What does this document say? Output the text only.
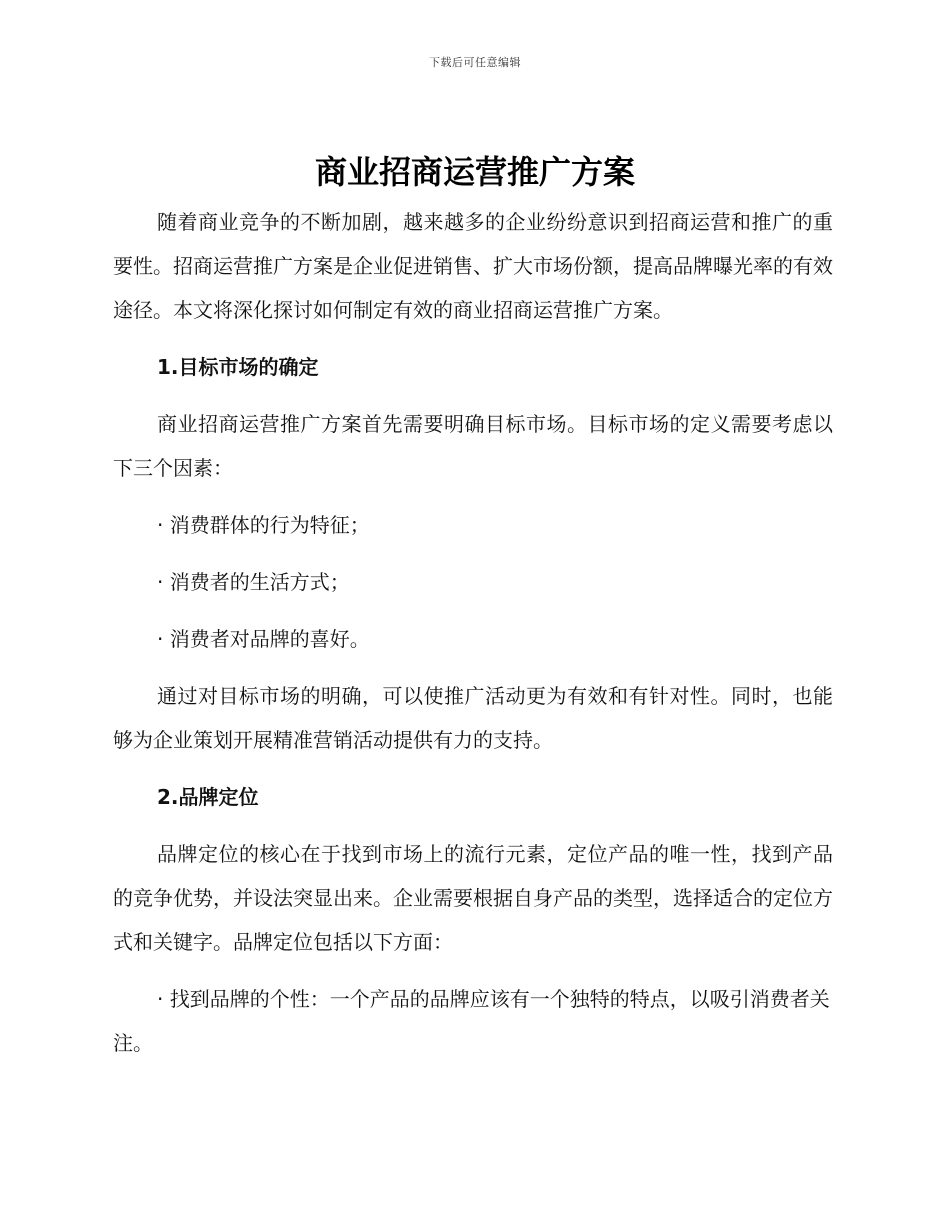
下载后可任意编辑
商业招商运营推广方案

随着商业竞争的不断加剧，越来越多的企业纷纷意识到招商运营和推广的重要性。招商运营推广方案是企业促进销售、扩大市场份额，提高品牌曝光率的有效途径。本文将深化探讨如何制定有效的商业招商运营推广方案。

1.目标市场的确定

商业招商运营推广方案首先需要明确目标市场。目标市场的定义需要考虑以下三个因素：

· 消费群体的行为特征；

· 消费者的生活方式；

· 消费者对品牌的喜好。

通过对目标市场的明确，可以使推广活动更为有效和有针对性。同时，也能够为企业策划开展精准营销活动提供有力的支持。

2.品牌定位

品牌定位的核心在于找到市场上的流行元素，定位产品的唯一性，找到产品的竞争优势，并设法突显出来。企业需要根据自身产品的类型，选择适合的定位方式和关键字。品牌定位包括以下方面：

· 找到品牌的个性：一个产品的品牌应该有一个独特的特点，以吸引消费者关注。
